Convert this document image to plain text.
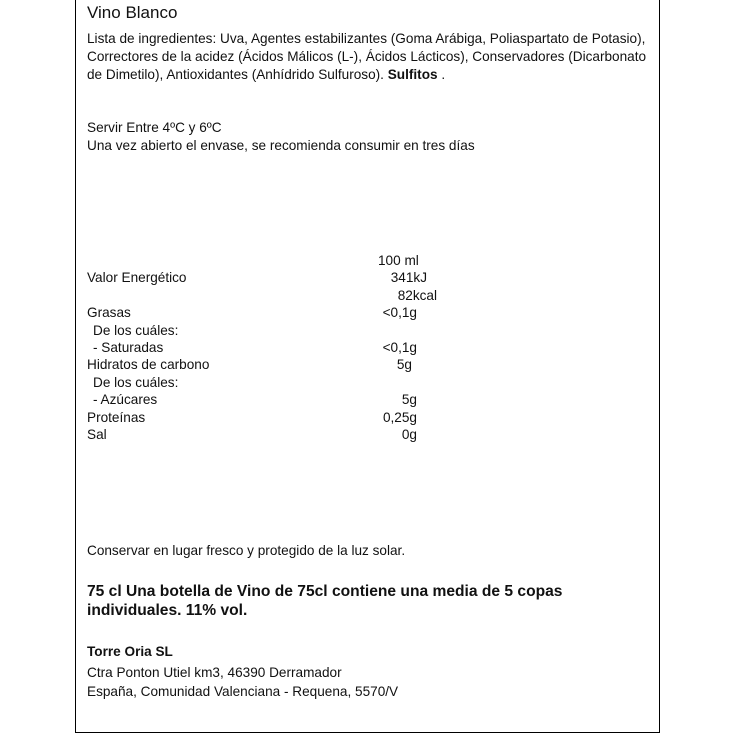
Vino Blanco
Lista de ingredientes: Uva, Agentes estabilizantes (Goma Arábiga, Poliaspartato de Potasio), Correctores de la acidez (Ácidos Málicos (L-), Ácidos Lácticos), Conservadores (Dicarbonato de Dimetilo), Antioxidantes (Anhídrido Sulfuroso). Sulfitos .
Servir Entre 4ºC y 6ºC
Una vez abierto el envase, se recomienda consumir en tres días
100 ml
Valor Energético	341kJ
82kcal
Grasas	<0,1g
De los cuáles:
- Saturadas	<0,1g
Hidratos de carbono	5g
De los cuáles:
- Azúcares	5g
Proteínas	0,25g
Sal	0g
Conservar en lugar fresco y protegido de la luz solar.
75 cl Una botella de Vino de 75cl contiene una media de 5 copas
individuales. 11% vol.
Torre Oria SL
Ctra Ponton Utiel km3, 46390 Derramador
España, Comunidad Valenciana - Requena, 5570/V
